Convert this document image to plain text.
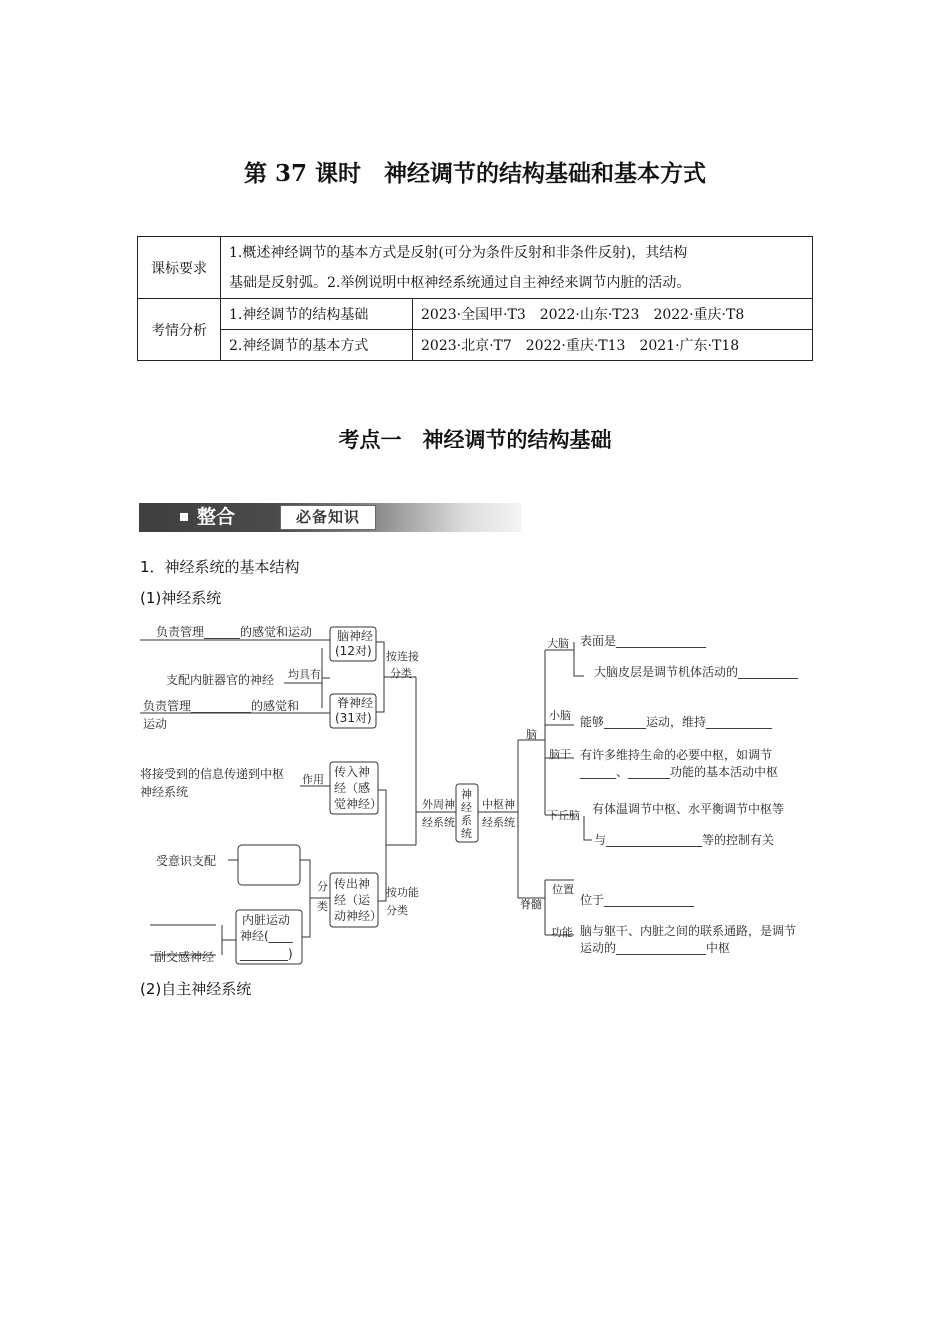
第 37 课时　神经调节的结构基础和基本方式
课标要求	1.概述神经调节的基本方式是反射(可分为条件反射和非条件反射)，其结构
基础是反射弧。2.举例说明中枢神经系统通过自主神经来调节内脏的活动。	

考情分析	1.神经调节的结构基础	2023·全国甲·T3　2022·山东·T23　2022·重庆·T8
	2.神经调节的基本方式	2023·北京·T7　2022·重庆·T13　2021·广东·T18
考点一　神经调节的结构基础
整合	必备知识
1．神经系统的基本结构
(1)神经系统
负责管理______的感觉和运动
支配内脏器官的神经 均具有
负责管理__________的感觉和
运动
脑神经
(12对)
脊神经
(31对)
按连接
分类
将接受到的信息传递到中枢
神经系统
作用
传入神
经（感
觉神经）
受意识支配
分
类
传出神
经（运
动神经）
按功能
分类
副交感神经
内脏运动
神经(____
________)
外周神
经系统
神
经
系
统
中枢神
经系统
脑
脊髓
大脑 表面是_______________
大脑皮层是调节机体活动的__________
小脑 能够_______运动，维持___________
脑干 有许多维持生命的必要中枢，如调节
______、_______功能的基本活动中枢
下丘脑 有体温调节中枢、水平衡调节中枢等
与________________等的控制有关
位置
位于_______________
功能 脑与躯干、内脏之间的联系通路，是调节
运动的_______________中枢
(2)自主神经系统
